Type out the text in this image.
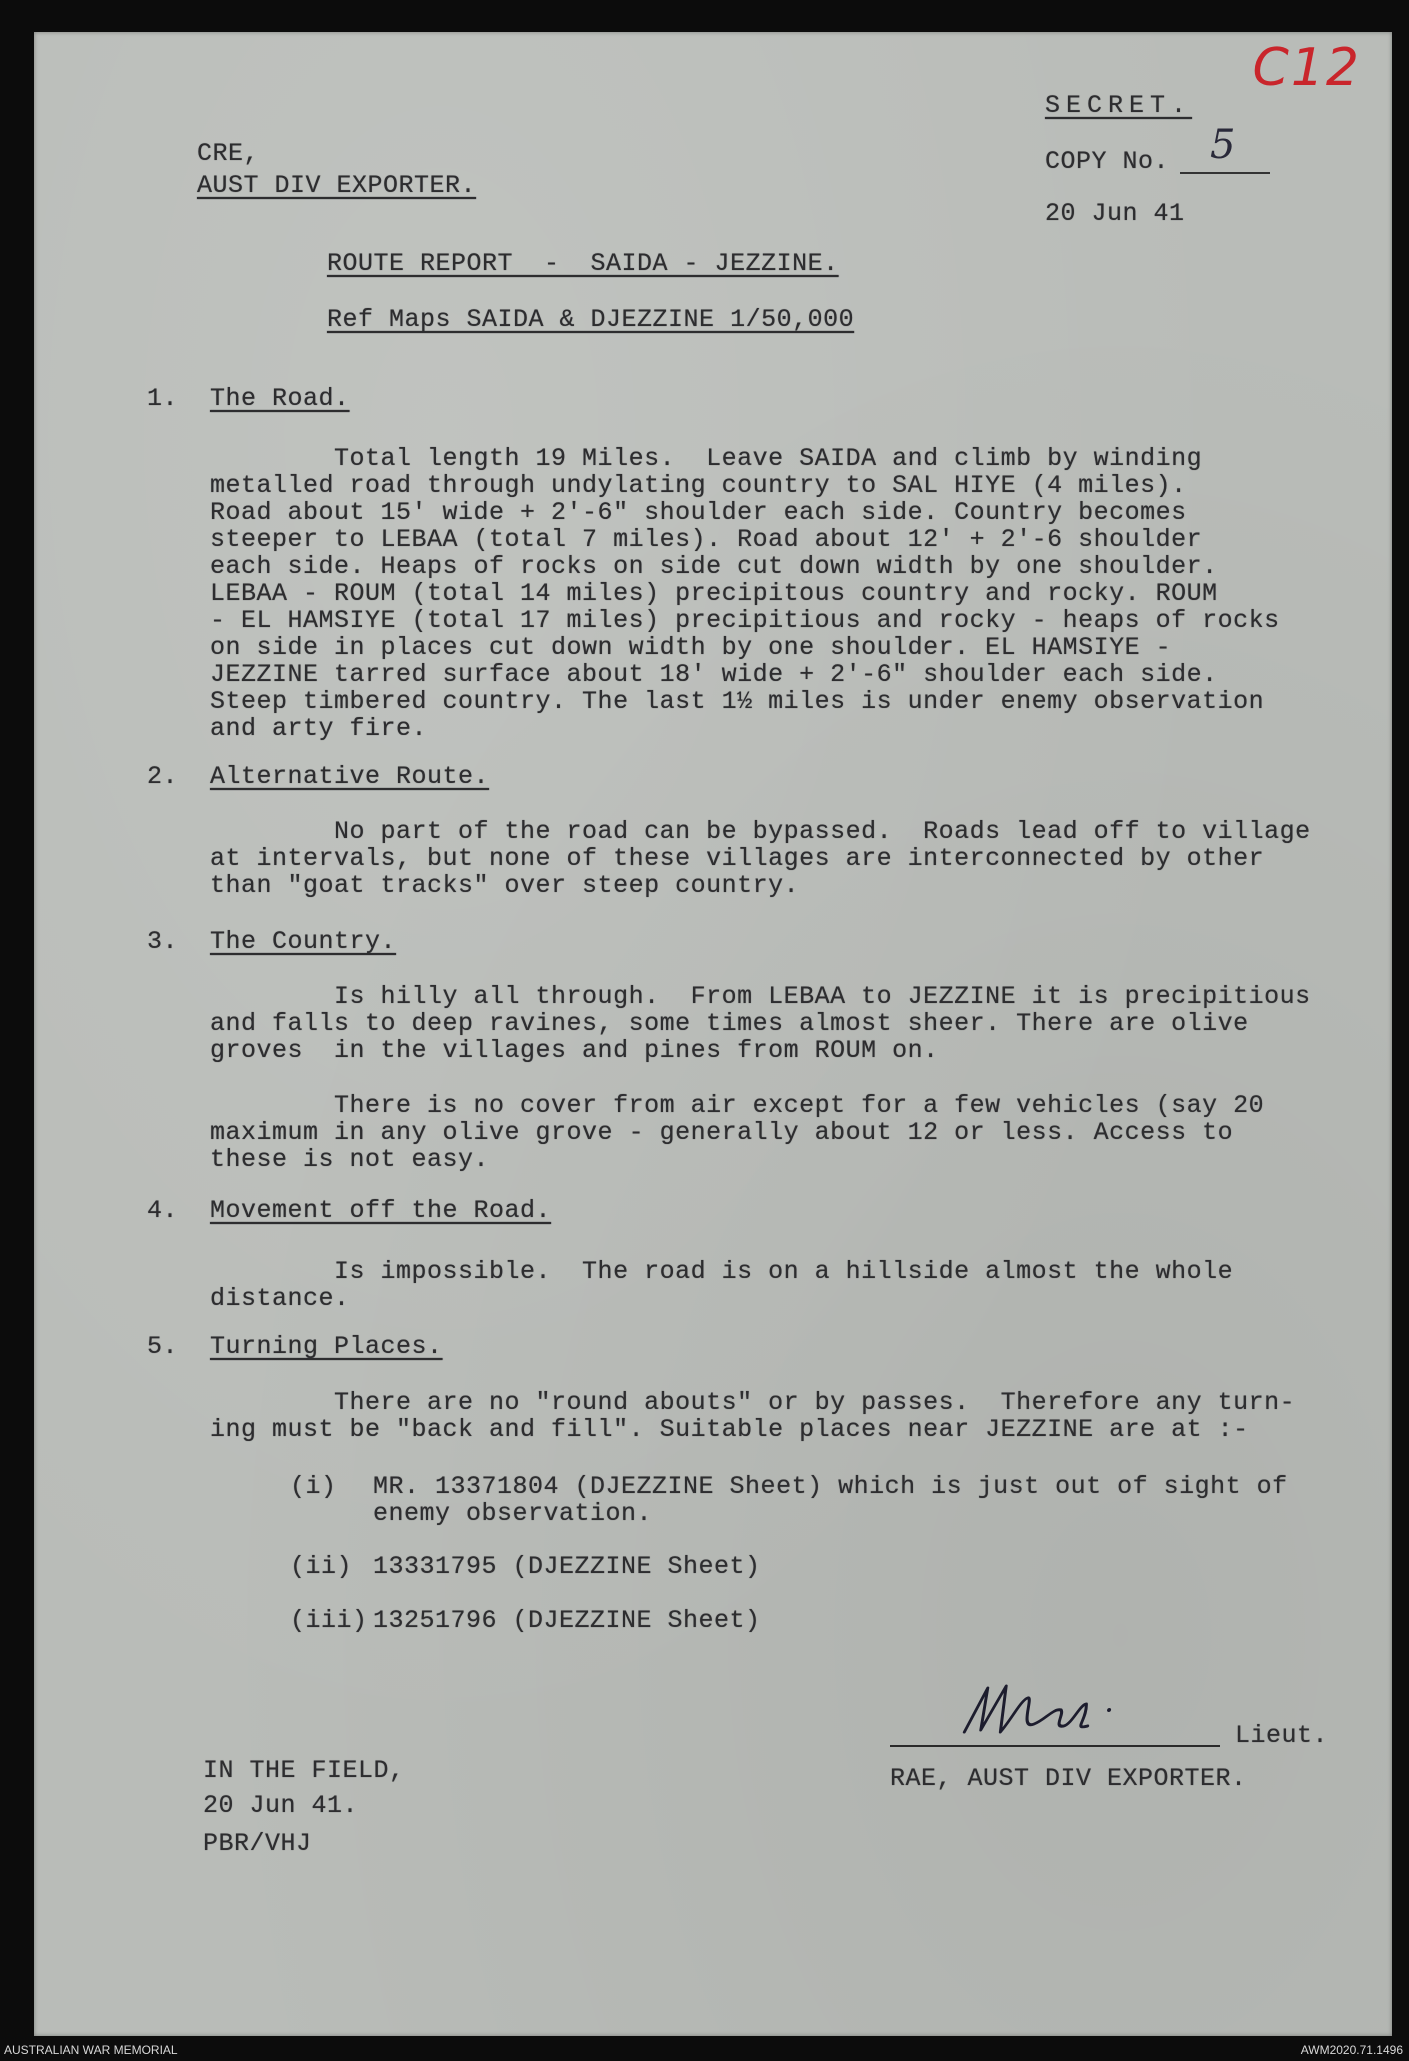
C12
SECRET.
COPY No. 5
20 Jun 41
CRE,
AUST DIV EXPORTER.
ROUTE REPORT  -  SAIDA - JEZZINE.
Ref Maps SAIDA & DJEZZINE 1/50,000
1. The Road.
Total length 19 Miles.  Leave SAIDA and climb by winding
metalled road through undylating country to SAL HIYE (4 miles).
Road about 15' wide + 2'-6" shoulder each side. Country becomes
steeper to LEBAA (total 7 miles). Road about 12' + 2'-6 shoulder
each side. Heaps of rocks on side cut down width by one shoulder.
LEBAA - ROUM (total 14 miles) precipitous country and rocky. ROUM
- EL HAMSIYE (total 17 miles) precipitious and rocky - heaps of rocks
on side in places cut down width by one shoulder. EL HAMSIYE -
JEZZINE tarred surface about 18' wide + 2'-6" shoulder each side.
Steep timbered country. The last 1½ miles is under enemy observation
and arty fire.
2. Alternative Route.
No part of the road can be bypassed.  Roads lead off to village
at intervals, but none of these villages are interconnected by other
than "goat tracks" over steep country.
3. The Country.
Is hilly all through.  From LEBAA to JEZZINE it is precipitious
and falls to deep ravines, some times almost sheer. There are olive
groves  in the villages and pines from ROUM on.
There is no cover from air except for a few vehicles (say 20
maximum in any olive grove - generally about 12 or less. Access to
these is not easy.
4. Movement off the Road.
Is impossible.  The road is on a hillside almost the whole
distance.
5. Turning Places.
There are no "round abouts" or by passes.  Therefore any turn-
ing must be "back and fill". Suitable places near JEZZINE are at :-
(i) MR. 13371804 (DJEZZINE Sheet) which is just out of sight of
enemy observation.
(ii) 13331795 (DJEZZINE Sheet)
(iii) 13251796 (DJEZZINE Sheet)
Lieut.
RAE, AUST DIV EXPORTER.
IN THE FIELD,
20 Jun 41.
PBR/VHJ
AUSTRALIAN WAR MEMORIAL	AWM2020.71.1496
